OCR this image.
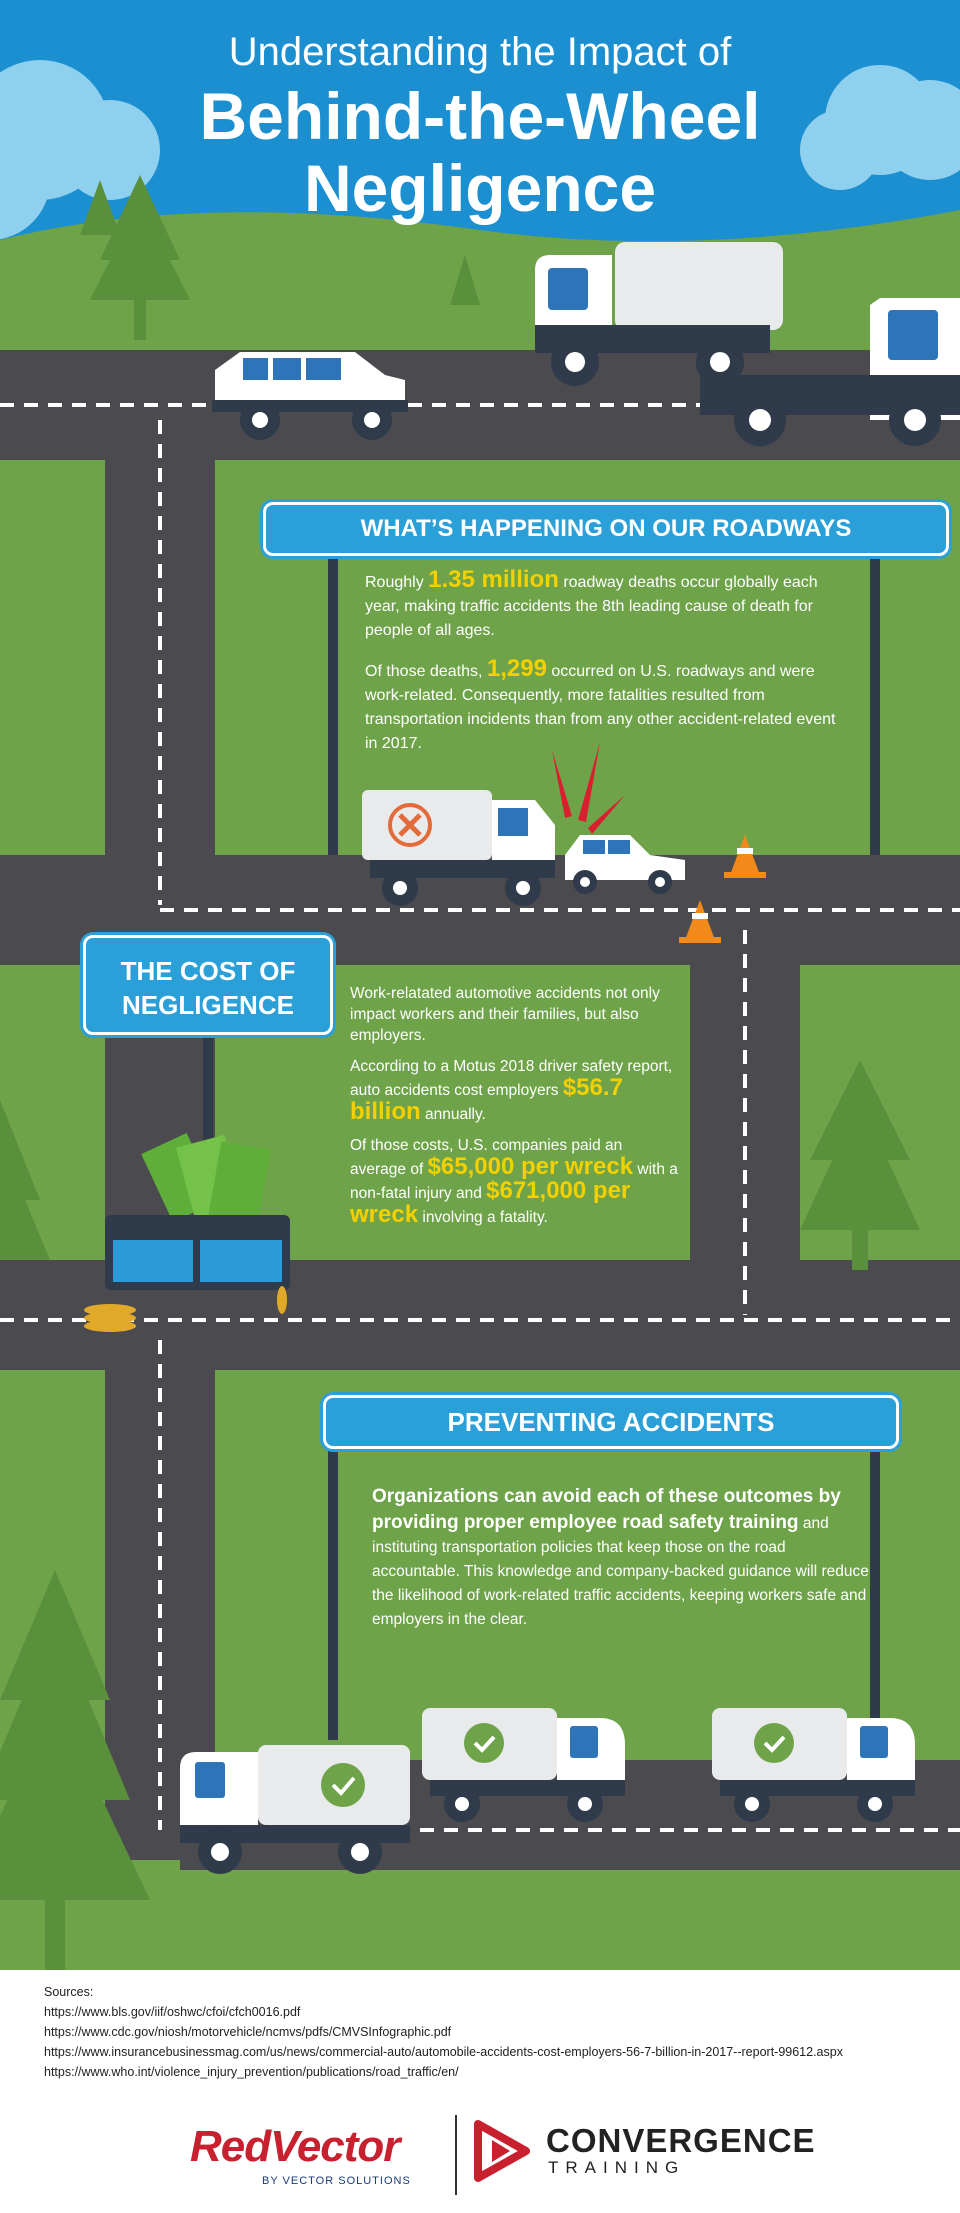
Understanding the Impact of
Behind-the-Wheel
Negligence
WHAT’S HAPPENING ON OUR ROADWAYS

Roughly 1.35 million roadway deaths occur globally each year, making traffic accidents the 8th leading cause of death for people of all ages.

Of those deaths, 1,299 occurred on U.S. roadways and were work-related. Consequently, more fatalities resulted from transportation incidents than from any other accident-related event in 2017.

THE COST OF
NEGLIGENCE	Work-relatated automotive accidents not only impact workers and their families, but also employers.

According to a Motus 2018 driver safety report, auto accidents cost employers $56.7 billion annually.

Of those costs, U.S. companies paid an average of $65,000 per wreck with a non-fatal injury and $671,000 per wreck involving a fatality.

PREVENTING ACCIDENTS
Organizations can avoid each of these outcomes by providing proper employee road safety training and instituting transportation policies that keep those on the road accountable. This knowledge and company-backed guidance will reduce the likelihood of work-related traffic accidents, keeping workers safe and employers in the clear.
Sources:
https://www.bls.gov/iif/oshwc/cfoi/cfch0016.pdf
https://www.cdc.gov/niosh/motorvehicle/ncmvs/pdfs/CMVSInfographic.pdf
https://www.insurancebusinessmag.com/us/news/commercial-auto/automobile-accidents-cost-employers-56-7-billion-in-2017--report-99612.aspx
https://www.who.int/violence_injury_prevention/publications/road_traffic/en/
RedVector
BY VECTOR SOLUTIONS
CONVERGENCE
TRAINING
